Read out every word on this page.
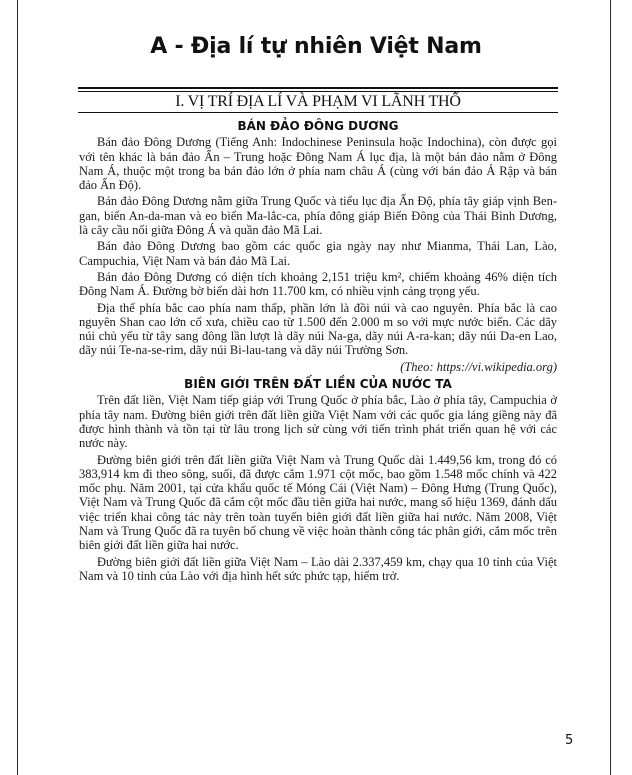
A - Địa lí tự nhiên Việt Nam
I. VỊ TRÍ ĐỊA LÍ VÀ PHẠM VI LÃNH THỔ
BÁN ĐẢO ĐÔNG DƯƠNG

Bán đảo Đông Dương (Tiếng Anh: Indochinese Peninsula hoặc Indochina), còn được gọi với tên khác là bán đảo Ấn – Trung hoặc Đông Nam Á lục địa, là một bán đảo nằm ở Đông Nam Á, thuộc một trong ba bán đảo lớn ở phía nam châu Á (cùng với bán đảo Ả Rập và bán đảo Ấn Độ).

Bán đảo Đông Dương nằm giữa Trung Quốc và tiểu lục địa Ấn Độ, phía tây giáp vịnh Ben-gan, biển An-da-man và eo biển Ma-lắc-ca, phía đông giáp Biển Đông của Thái Bình Dương, là cây cầu nối giữa Đông Á và quần đảo Mã Lai.

Bán đảo Đông Dương bao gồm các quốc gia ngày nay như Mianma, Thái Lan, Lào, Campuchia, Việt Nam và bán đảo Mã Lai.

Bán đảo Đông Dương có diện tích khoảng 2,151 triệu km², chiếm khoảng 46% diện tích Đông Nam Á. Đường bờ biển dài hơn 11.700 km, có nhiều vịnh cảng trọng yếu.

Địa thế phía bắc cao phía nam thấp, phần lớn là đồi núi và cao nguyên. Phía bắc là cao nguyên Shan cao lớn cổ xưa, chiều cao từ 1.500 đến 2.000 m so với mực nước biển. Các dãy núi chủ yếu từ tây sang đông lần lượt là dãy núi Na-ga, dãy núi A-ra-kan; dãy núi Da-en Lao, dãy núi Te-na-se-rim, dãy núi Bi-lau-tang và dãy núi Trường Sơn.

(Theo: https://vi.wikipedia.org)
BIÊN GIỚI TRÊN ĐẤT LIỀN CỦA NƯỚC TA

Trên đất liền, Việt Nam tiếp giáp với Trung Quốc ở phía bắc, Lào ở phía tây, Campuchia ở phía tây nam. Đường biên giới trên đất liền giữa Việt Nam với các quốc gia láng giềng này đã được hình thành và tồn tại từ lâu trong lịch sử cùng với tiến trình phát triển quan hệ với các nước này.

Đường biên giới trên đất liền giữa Việt Nam và Trung Quốc dài 1.449,56 km, trong đó có 383,914 km đi theo sông, suối, đã được cắm 1.971 cột mốc, bao gồm 1.548 mốc chính và 422 mốc phụ. Năm 2001, tại cửa khẩu quốc tế Móng Cái (Việt Nam) – Đông Hưng (Trung Quốc), Việt Nam và Trung Quốc đã cắm cột mốc đầu tiên giữa hai nước, mang số hiệu 1369, đánh dấu việc triển khai công tác này trên toàn tuyến biên giới đất liền giữa hai nước. Năm 2008, Việt Nam và Trung Quốc đã ra tuyên bố chung về việc hoàn thành công tác phân giới, cắm mốc trên biên giới đất liền giữa hai nước.

Đường biên giới đất liền giữa Việt Nam – Lào dài 2.337,459 km, chạy qua 10 tỉnh của Việt Nam và 10 tỉnh của Lào với địa hình hết sức phức tạp, hiểm trở.

5
